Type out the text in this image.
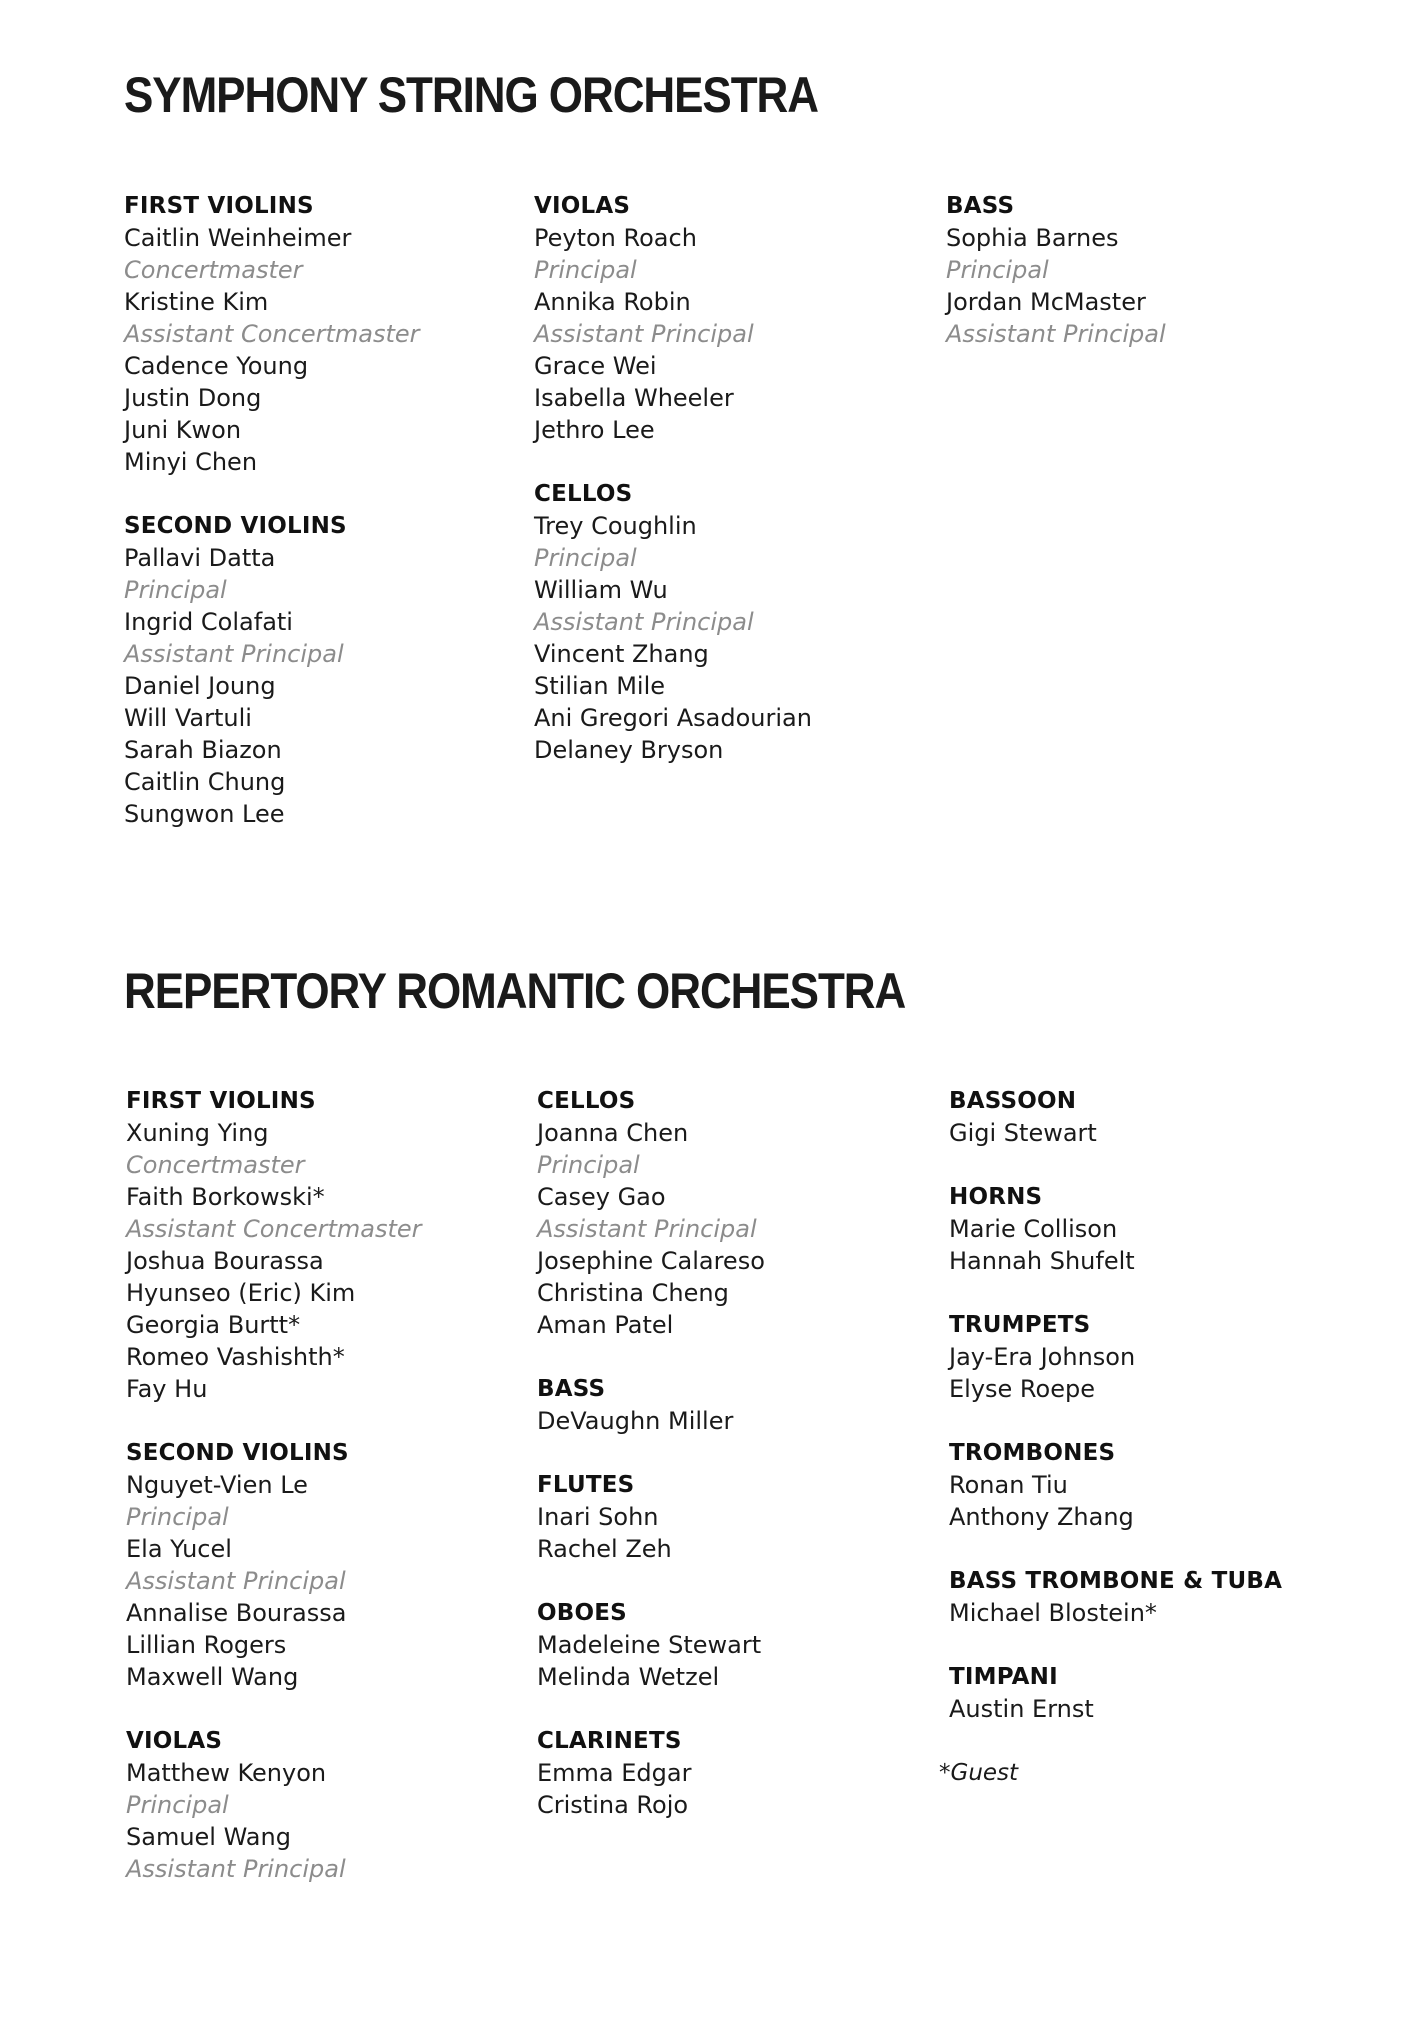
SYMPHONY STRING ORCHESTRA
FIRST VIOLINS
Caitlin Weinheimer
Concertmaster
Kristine Kim
Assistant Concertmaster
Cadence Young
Justin Dong
Juni Kwon
Minyi Chen
SECOND VIOLINS
Pallavi Datta
Principal
Ingrid Colafati
Assistant Principal
Daniel Joung
Will Vartuli
Sarah Biazon
Caitlin Chung
Sungwon Lee
VIOLAS
Peyton Roach
Principal
Annika Robin
Assistant Principal
Grace Wei
Isabella Wheeler
Jethro Lee
CELLOS
Trey Coughlin
Principal
William Wu
Assistant Principal
Vincent Zhang
Stilian Mile
Ani Gregori Asadourian
Delaney Bryson
BASS
Sophia Barnes
Principal
Jordan McMaster
Assistant Principal
REPERTORY ROMANTIC ORCHESTRA
FIRST VIOLINS
Xuning Ying
Concertmaster
Faith Borkowski*
Assistant Concertmaster
Joshua Bourassa
Hyunseo (Eric) Kim
Georgia Burtt*
Romeo Vashishth*
Fay Hu
SECOND VIOLINS
Nguyet-Vien Le
Principal
Ela Yucel
Assistant Principal
Annalise Bourassa
Lillian Rogers
Maxwell Wang
VIOLAS
Matthew Kenyon
Principal
Samuel Wang
Assistant Principal
CELLOS
Joanna Chen
Principal
Casey Gao
Assistant Principal
Josephine Calareso
Christina Cheng
Aman Patel
BASS
DeVaughn Miller
FLUTES
Inari Sohn
Rachel Zeh
OBOES
Madeleine Stewart
Melinda Wetzel
CLARINETS
Emma Edgar
Cristina Rojo
BASSOON
Gigi Stewart
HORNS
Marie Collison
Hannah Shufelt
TRUMPETS
Jay-Era Johnson
Elyse Roepe
TROMBONES
Ronan Tiu
Anthony Zhang
BASS TROMBONE & TUBA
Michael Blostein*
TIMPANI
Austin Ernst
*Guest
